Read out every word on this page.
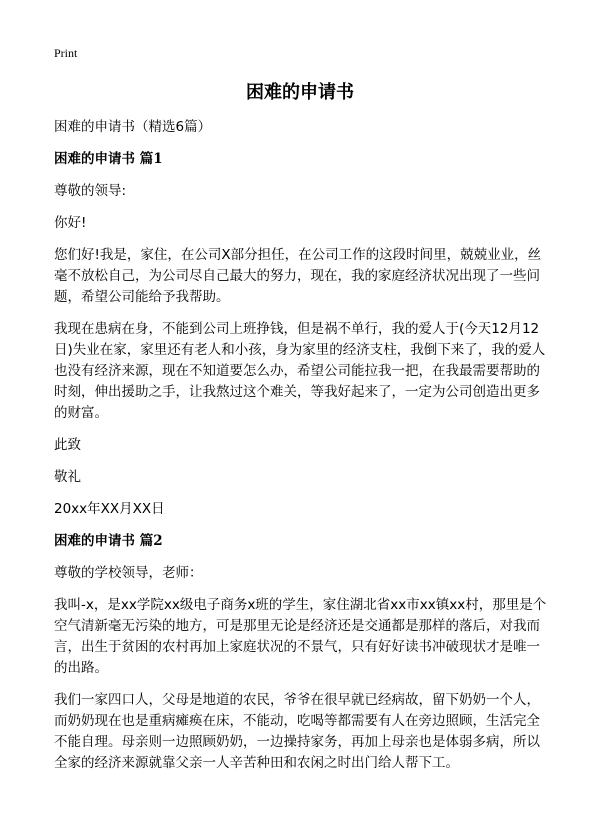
Print
困难的申请书

困难的申请书（精选6篇）

困难的申请书 篇1

尊敬的领导:

你好!

您们好!我是，家住，在公司X部分担任，在公司工作的这段时间里，兢兢业业，丝毫不放松自己，为公司尽自己最大的努力，现在，我的家庭经济状况出现了一些问题，希望公司能给予我帮助。

我现在患病在身，不能到公司上班挣钱，但是祸不单行，我的爱人于(今天12月12日)失业在家，家里还有老人和小孩，身为家里的经济支柱，我倒下来了，我的爱人也没有经济来源，现在不知道要怎么办，希望公司能拉我一把，在我最需要帮助的时刻，伸出援助之手，让我熬过这个难关，等我好起来了，一定为公司创造出更多的财富。

此致

敬礼

20xx年XX月XX日

困难的申请书 篇2

尊敬的学校领导，老师：

我叫-x，是xx学院xx级电子商务x班的学生，家住湖北省xx市xx镇xx村，那里是个空气清新毫无污染的地方，可是那里无论是经济还是交通都是那样的落后，对我而言，出生于贫困的农村再加上家庭状况的不景气，只有好好读书冲破现状才是唯一的出路。

我们一家四口人，父母是地道的农民，爷爷在很早就已经病故，留下奶奶一个人，而奶奶现在也是重病瘫痪在床，不能动，吃喝等都需要有人在旁边照顾，生活完全不能自理。母亲则一边照顾奶奶，一边操持家务，再加上母亲也是体弱多病，所以全家的经济来源就靠父亲一人辛苦种田和农闲之时出门给人帮下工。
